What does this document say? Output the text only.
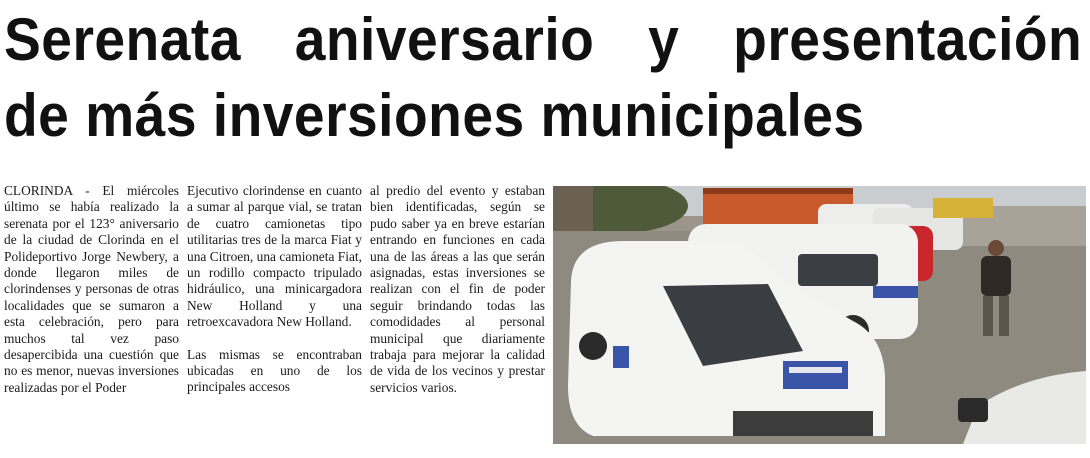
Serenata aniversario y presentación
de más inversiones municipales

CLORINDA - El miércoles último se había realizado la serenata por el 123° aniversario de la ciudad de Clorinda en el Polideportivo Jorge Newbery, a donde llegaron miles de clorindenses y personas de otras localidades que se sumaron a esta celebración, pero para muchos tal vez paso desapercibida una cuestión que no es menor, nuevas inversiones realizadas por el Poder

Ejecutivo clorindense en cuanto a sumar al parque vial, se tratan de cuatro camionetas tipo utilitarias tres de la marca Fiat y una Citroen, una camioneta Fiat, un rodillo compacto tripulado hidráulico, una minicargadora New Holland y una retroexcavadora New Holland.

Las mismas se encontraban ubicadas en uno de los principales accesos

al predio del evento y estaban bien identificadas, según se pudo saber ya en breve estarían entrando en funciones en cada una de las áreas a las que serán asignadas, estas inversiones se realizan con el fin de poder seguir brindando todas las comodidades al personal municipal que diariamente trabaja para mejorar la calidad de vida de los vecinos y prestar servicios varios.
